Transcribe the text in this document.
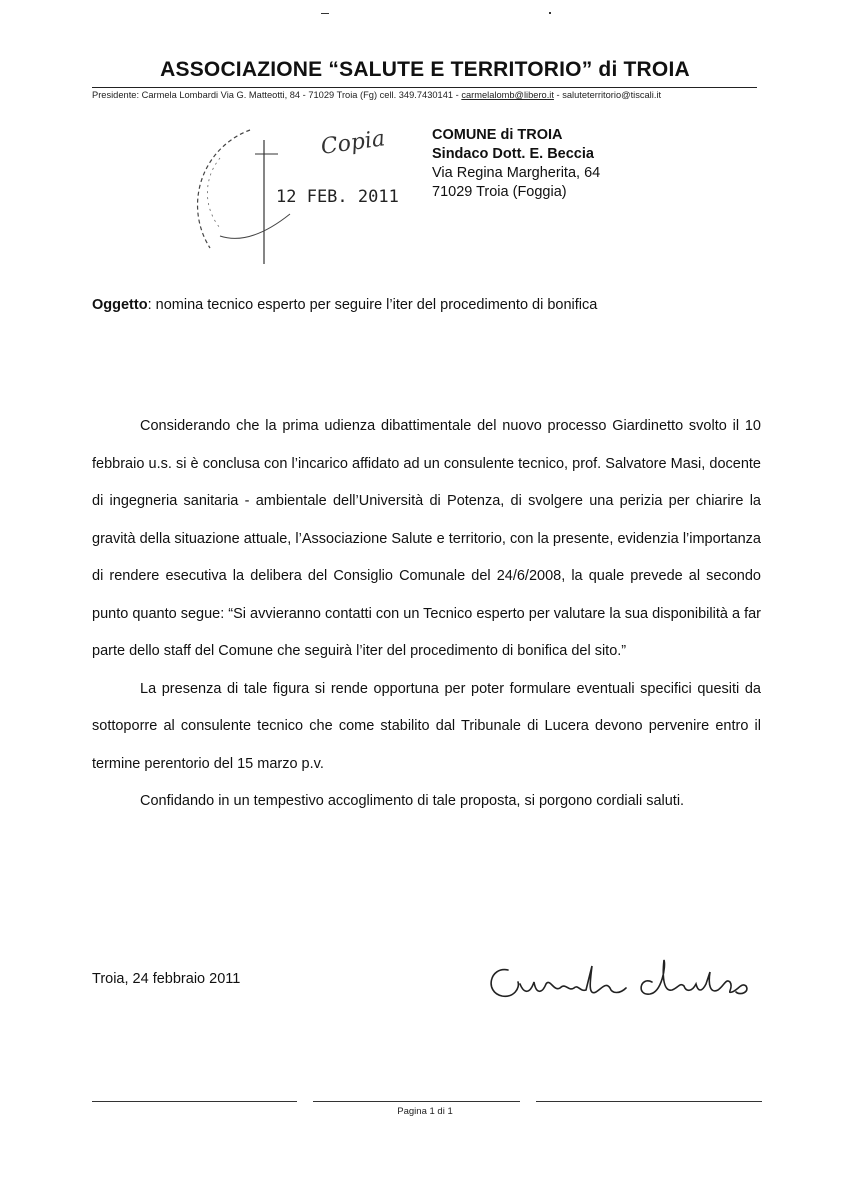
ASSOCIAZIONE “SALUTE E TERRITORIO” di TROIA
Presidente: Carmela Lombardi Via G. Matteotti, 84 - 71029 Troia (Fg) cell. 349.7430141 - carmelalomb@libero.it - saluteterritorio@tiscali.it
12 FEB. 2011
Copia	COMUNE di TROIA
Sindaco Dott. E. Beccia
Via Regina Margherita, 64
71029 Troia (Foggia)
Oggetto: nomina tecnico esperto per seguire l’iter del procedimento di bonifica

Considerando che la prima udienza dibattimentale del nuovo processo Giardinetto svolto il 10 febbraio u.s. si è conclusa con l’incarico affidato ad un consulente tecnico, prof. Salvatore Masi, docente di ingegneria sanitaria - ambientale dell’Università di Potenza, di svolgere una perizia per chiarire la gravità della situazione attuale, l’Associazione Salute e territorio, con la presente, evidenzia l’importanza di rendere esecutiva la delibera del Consiglio Comunale del 24/6/2008, la quale prevede al secondo punto quanto segue: “Si avvieranno contatti con un Tecnico esperto per valutare la sua disponibilità a far parte dello staff del Comune che seguirà l’iter del procedimento di bonifica del sito.”

La presenza di tale figura si rende opportuna per poter formulare eventuali specifici quesiti da sottoporre al consulente tecnico che come stabilito dal Tribunale di Lucera devono pervenire entro il termine perentorio del 15 marzo p.v.

Confidando in un tempestivo accoglimento di tale proposta, si porgono cordiali saluti.

Troia, 24 febbraio 2011
Pagina 1 di 1
